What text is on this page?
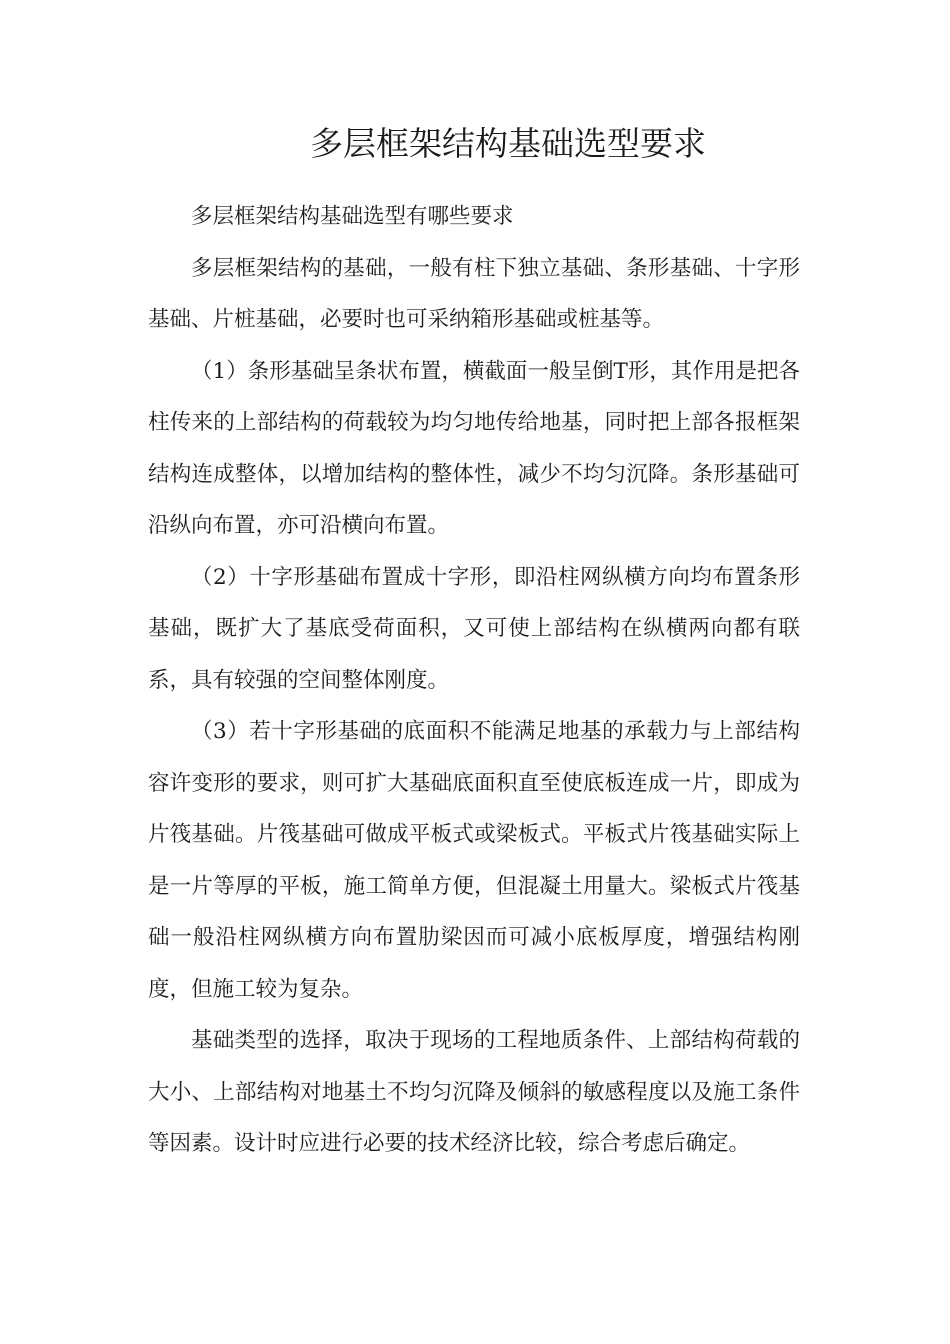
多层框架结构基础选型要求

多层框架结构基础选型有哪些要求

多层框架结构的基础，一般有柱下独立基础、条形基础、十字形基础、片桩基础，必要时也可采纳箱形基础或桩基等。

（1）条形基础呈条状布置，横截面一般呈倒T形，其作用是把各柱传来的上部结构的荷载较为均匀地传给地基，同时把上部各报框架结构连成整体，以增加结构的整体性，减少不均匀沉降。条形基础可沿纵向布置，亦可沿横向布置。

（2）十字形基础布置成十字形，即沿柱网纵横方向均布置条形基础，既扩大了基底受荷面积，又可使上部结构在纵横两向都有联系，具有较强的空间整体刚度。

（3）若十字形基础的底面积不能满足地基的承载力与上部结构容许变形的要求，则可扩大基础底面积直至使底板连成一片，即成为片筏基础。片筏基础可做成平板式或梁板式。平板式片筏基础实际上是一片等厚的平板，施工简单方便，但混凝土用量大。梁板式片筏基础一般沿柱网纵横方向布置肋梁因而可减小底板厚度，增强结构刚度，但施工较为复杂。

基础类型的选择，取决于现场的工程地质条件、上部结构荷载的大小、上部结构对地基土不均匀沉降及倾斜的敏感程度以及施工条件等因素。设计时应进行必要的技术经济比较，综合考虑后确定。
